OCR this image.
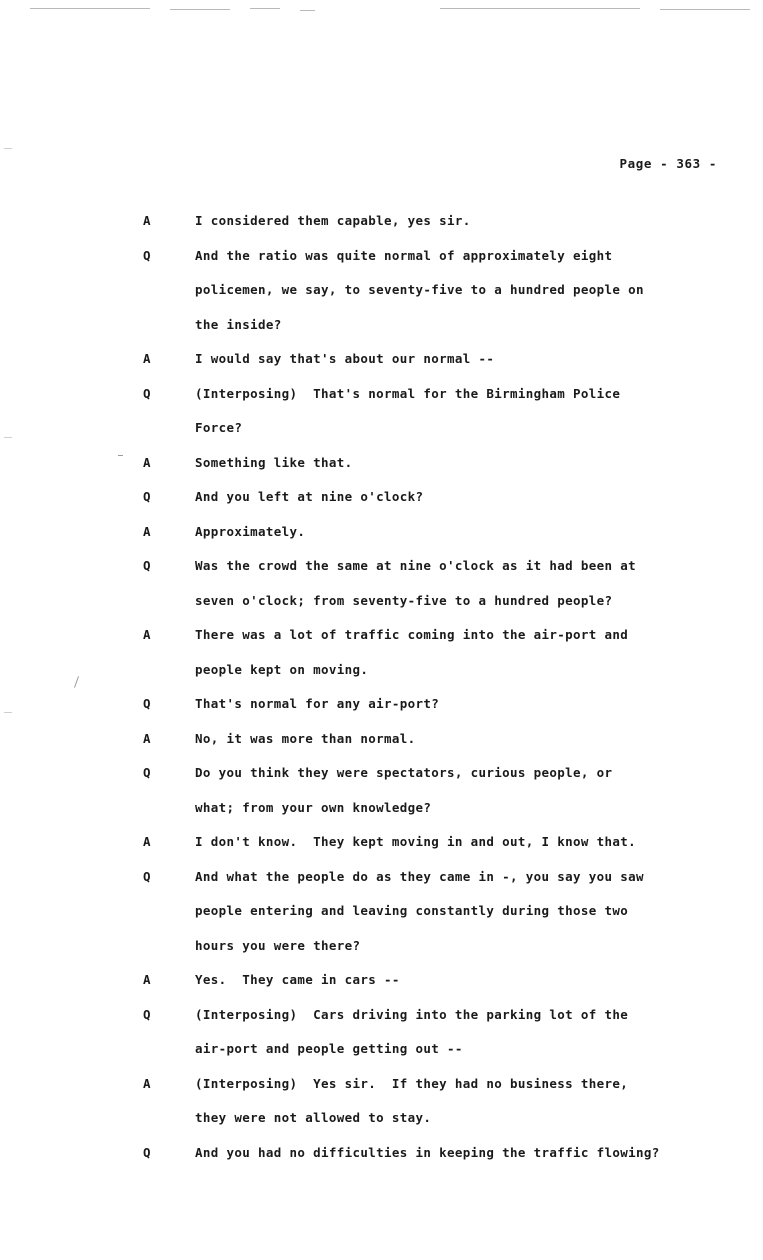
Page - 363 -
A	I considered them capable, yes sir.
Q	And the ratio was quite normal of approximately eight
policemen, we say, to seventy-five to a hundred people on
the inside?
A	I would say that's about our normal --
Q	(Interposing)  That's normal for the Birmingham Police
Force?
A	Something like that.
Q	And you left at nine o'clock?
A	Approximately.
Q	Was the crowd the same at nine o'clock as it had been at
seven o'clock; from seventy-five to a hundred people?
A	There was a lot of traffic coming into the air-port and
people kept on moving.
Q	That's normal for any air-port?
A	No, it was more than normal.
Q	Do you think they were spectators, curious people, or
what; from your own knowledge?
A	I don't know.  They kept moving in and out, I know that.
Q	And what the people do as they came in -, you say you saw
people entering and leaving constantly during those two
hours you were there?
A	Yes.  They came in cars --
Q	(Interposing)  Cars driving into the parking lot of the
air-port and people getting out --
A	(Interposing)  Yes sir.  If they had no business there,
they were not allowed to stay.
Q	And you had no difficulties in keeping the traffic flowing?
